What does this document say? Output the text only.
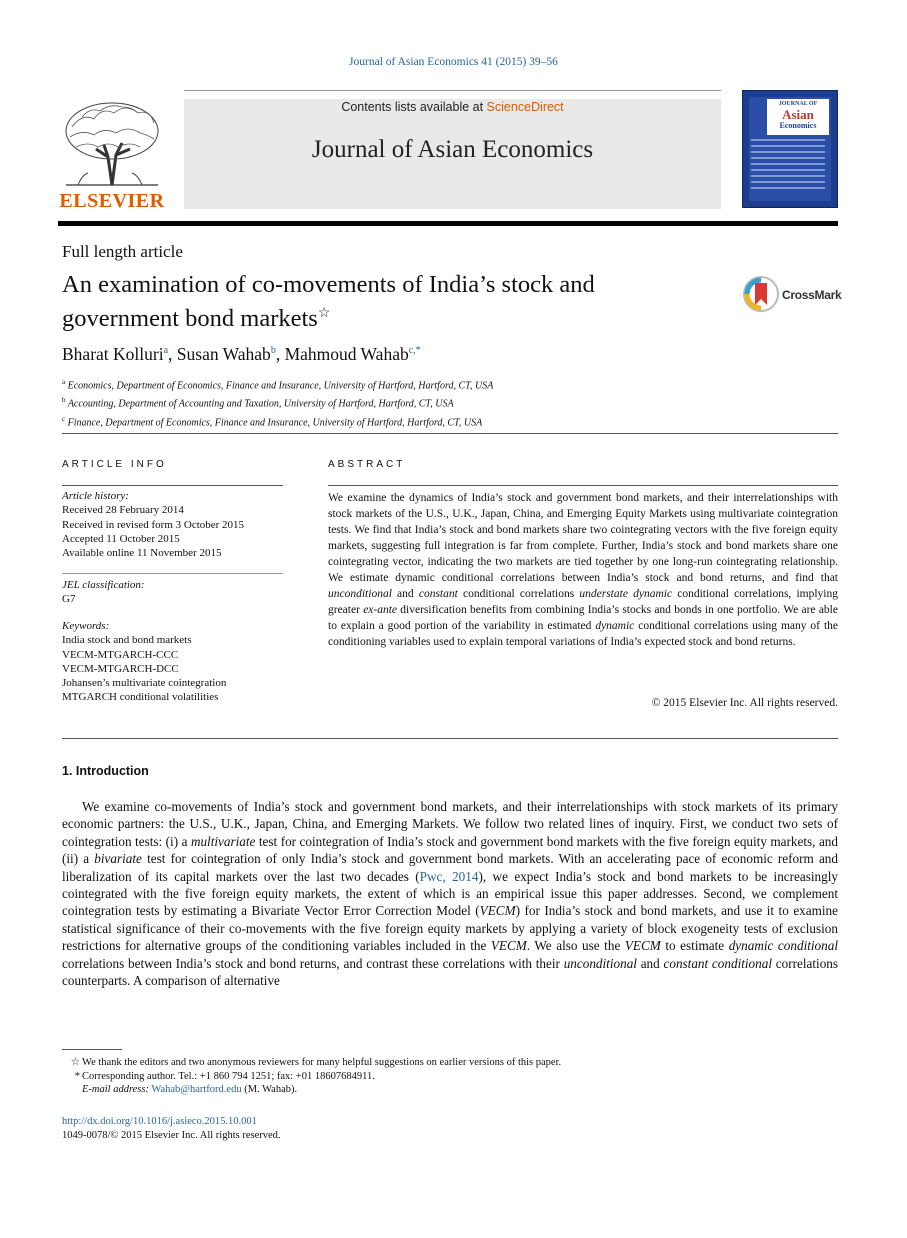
Journal of Asian Economics 41 (2015) 39–56
ELSEVIER
Contents lists available at ScienceDirect
Journal of Asian Economics
JOURNAL OF
Asian
Economics
Full length article
An examination of co-movements of India’s stock and government bond markets☆
CrossMark
Bharat Kolluri$^a$, Susan Wahab$^b$, Mahmoud Wahab$^{c,*}$
$^a$ Economics, Department of Economics, Finance and Insurance, University of Hartford, Hartford, CT, USA
$^b$ Accounting, Department of Accounting and Taxation, University of Hartford, Hartford, CT, USA
$^c$ Finance, Department of Economics, Finance and Insurance, University of Hartford, Hartford, CT, USA
ARTICLE INFO	ABSTRACT
Article history:
Received 28 February 2014
Received in revised form 3 October 2015
Accepted 11 October 2015
Available online 11 November 2015
JEL classification:
G7
Keywords:
India stock and bond markets
VECM-MTGARCH-CCC
VECM-MTGARCH-DCC
Johansen’s multivariate cointegration
MTGARCH conditional volatilities
We examine the dynamics of India’s stock and government bond markets, and their interrelationships with stock markets of the U.S., U.K., Japan, China, and Emerging Equity Markets using multivariate cointegration tests. We find that India’s stock and bond markets share two cointegrating vectors with the five foreign equity markets, suggesting full integration is far from complete. Further, India’s stock and bond markets share one cointegrating vector, indicating the two markets are tied together by one long-run cointegrating relationship. We estimate dynamic conditional correlations between India’s stock and bond returns, and find that unconditional and constant conditional correlations understate dynamic conditional correlations, implying greater ex-ante diversification benefits from combining India’s stocks and bonds in one portfolio. We are able to explain a good portion of the variability in estimated dynamic conditional correlations using many of the conditioning variables used to explain temporal variations of India’s expected stock and bond returns.
© 2015 Elsevier Inc. All rights reserved.
1. Introduction
We examine co-movements of India’s stock and government bond markets, and their interrelationships with stock markets of its primary economic partners: the U.S., U.K., Japan, China, and Emerging Markets. We follow two related lines of inquiry. First, we conduct two sets of cointegration tests: (i) a multivariate test for cointegration of India’s stock and government bond markets with the five foreign equity markets, and (ii) a bivariate test for cointegration of only India’s stock and government bond markets. With an accelerating pace of economic reform and liberalization of its capital markets over the last two decades (Pwc, 2014), we expect India’s stock and bond markets to be increasingly cointegrated with the five foreign equity markets, the extent of which is an empirical issue this paper addresses. Second, we complement cointegration tests by estimating a Bivariate Vector Error Correction Model (VECM) for India’s stock and bond markets, and use it to examine statistical significance of their co-movements with the five foreign equity markets by applying a variety of block exogeneity tests of exclusion restrictions for alternative groups of the conditioning variables included in the VECM. We also use the VECM to estimate dynamic conditional correlations between India’s stock and bond returns, and contrast these correlations with their unconditional and constant conditional correlations counterparts. A comparison of alternative
☆ We thank the editors and two anonymous reviewers for many helpful suggestions on earlier versions of this paper.
* Corresponding author. Tel.: +1 860 794 1251; fax: +01 18607684911.
E-mail address: Wahab@hartford.edu (M. Wahab).
http://dx.doi.org/10.1016/j.asieco.2015.10.001
1049-0078/© 2015 Elsevier Inc. All rights reserved.
